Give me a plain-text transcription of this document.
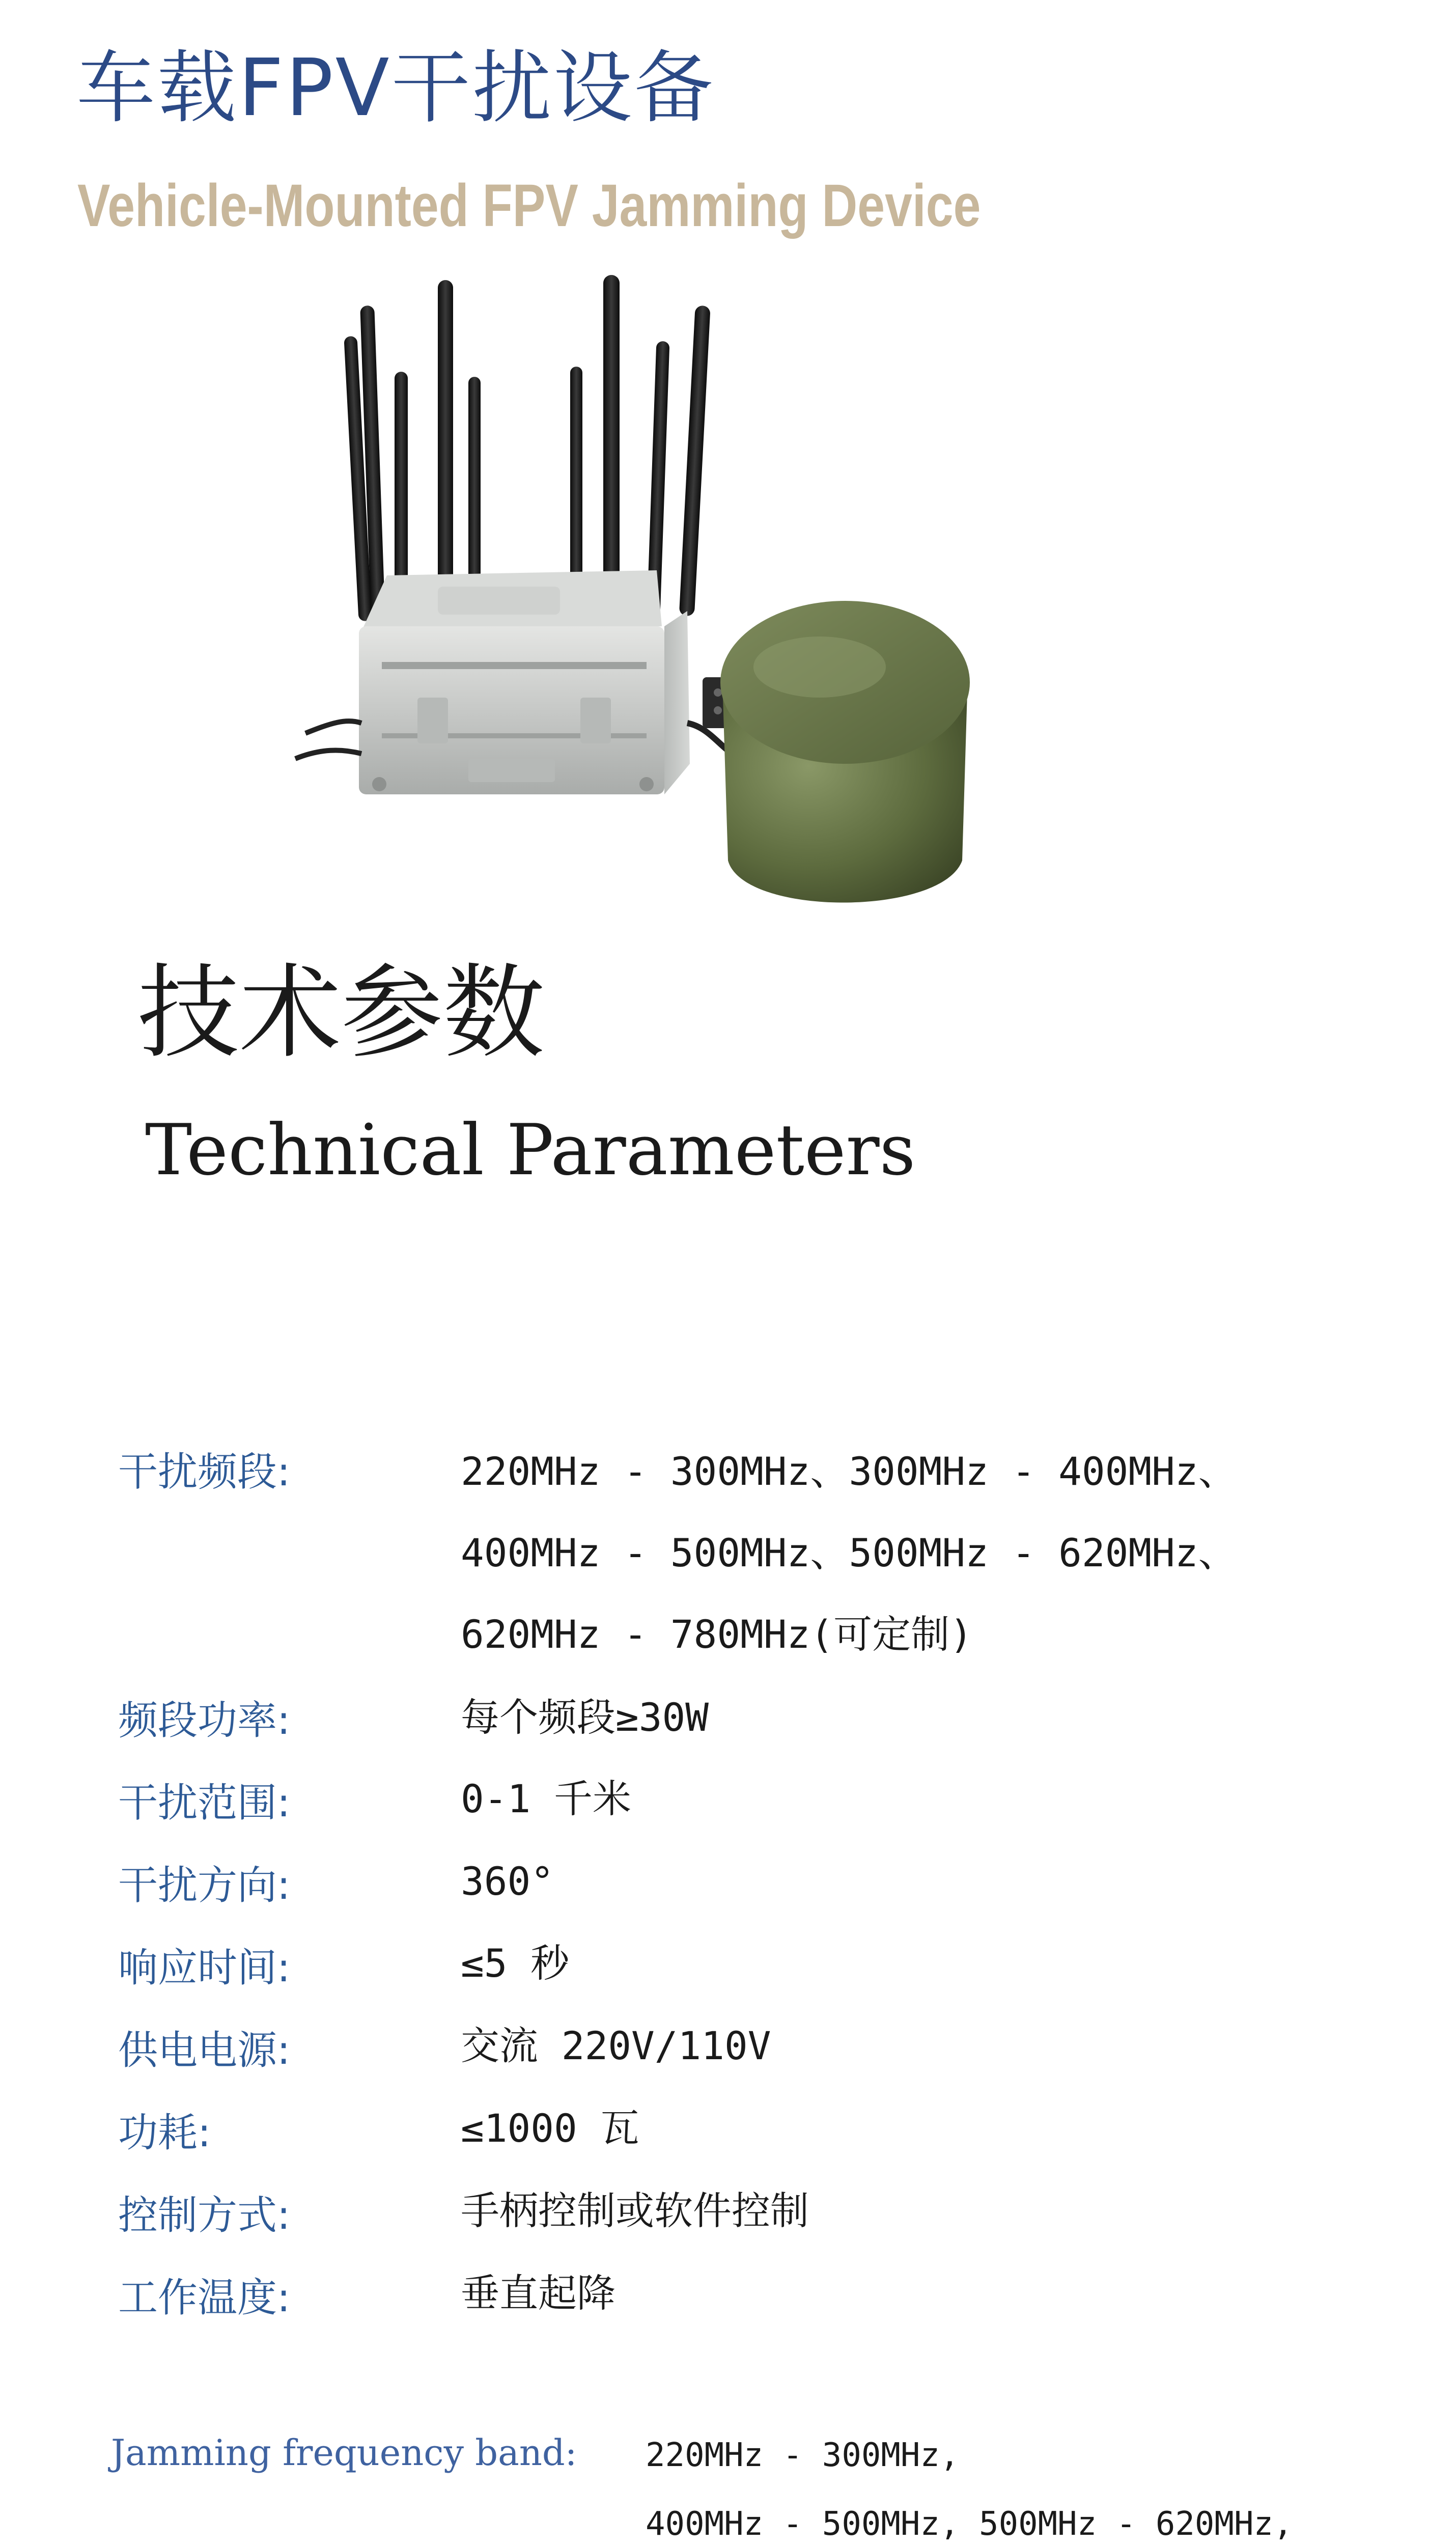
车载FPV干扰设备
Vehicle-Mounted FPV Jamming Device
技术参数
Technical Parameters
干扰频段:	220MHz - 300MHz、300MHz - 400MHz、
400MHz - 500MHz、500MHz - 620MHz、
620MHz - 780MHz(可定制)
频段功率:	每个频段≥30W
干扰范围:	0-1 千米
干扰方向:	360°
响应时间:	≤5 秒
供电电源:	交流 220V/110V
功耗:	≤1000 瓦
控制方式:	手柄控制或软件控制
工作温度:	垂直起降
Jamming frequency band: 220MHz - 300MHz,
400MHz - 500MHz, 500MHz - 620MHz,
